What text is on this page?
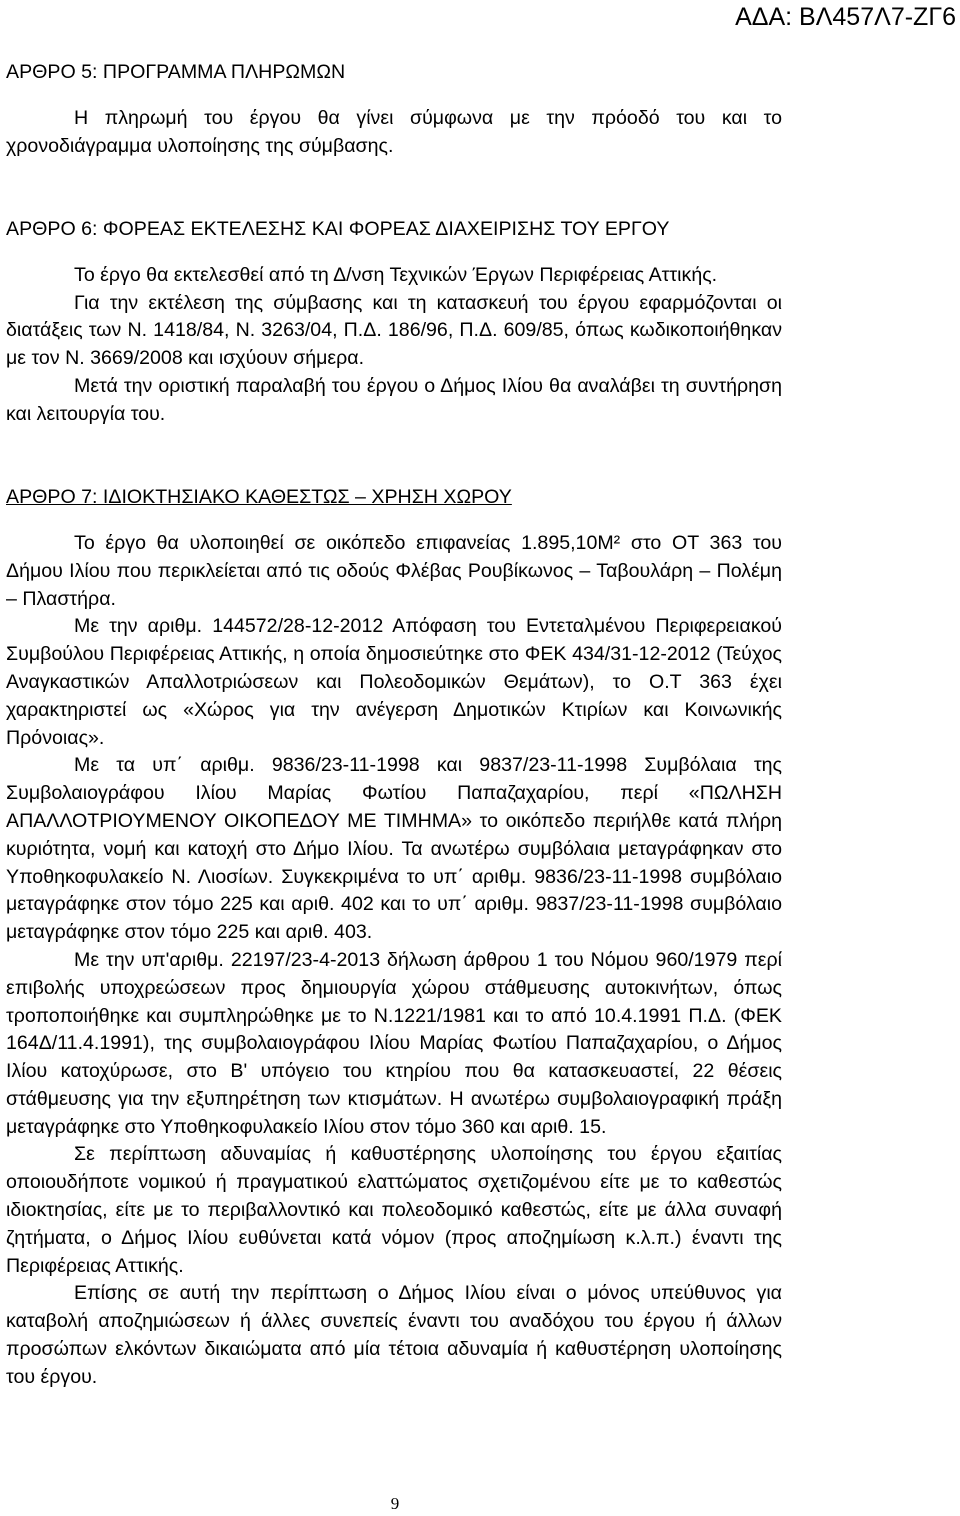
ΑΔΑ: ΒΛ457Λ7-ΖΓ6

ΑΡΘΡΟ 5: ΠΡΟΓΡΑΜΜΑ ΠΛΗΡΩΜΩΝ

Η πληρωμή του έργου θα γίνει σύμφωνα με την πρόοδό του και το χρονοδιάγραμμα υλοποίησης της σύμβασης.

ΑΡΘΡΟ 6: ΦΟΡΕΑΣ ΕΚΤΕΛΕΣΗΣ ΚΑΙ ΦΟΡΕΑΣ ΔΙΑΧΕΙΡΙΣΗΣ ΤΟΥ ΕΡΓΟΥ

Το έργο θα εκτελεσθεί από τη Δ/νση Τεχνικών Έργων Περιφέρειας Αττικής.

Για την εκτέλεση της σύμβασης και τη κατασκευή του έργου εφαρμόζονται οι διατάξεις των Ν. 1418/84, Ν. 3263/04, Π.Δ. 186/96, Π.Δ. 609/85, όπως κωδικοποιήθηκαν με τον Ν. 3669/2008 και ισχύουν σήμερα.

Μετά την οριστική παραλαβή του έργου ο Δήμος Ιλίου θα αναλάβει τη συντήρηση και λειτουργία του.

ΑΡΘΡΟ 7: ΙΔΙΟΚΤΗΣΙΑΚΟ ΚΑΘΕΣΤΩΣ – ΧΡΗΣΗ ΧΩΡΟΥ

Το έργο θα υλοποιηθεί σε οικόπεδο επιφανείας 1.895,10Μ² στο ΟΤ 363 του Δήμου Ιλίου που περικλείεται από τις οδούς Φλέβας Ρουβίκωνος – Ταβουλάρη – Πολέμη – Πλαστήρα.

Με την αριθμ. 144572/28-12-2012 Απόφαση του Εντεταλμένου Περιφερειακού Συμβούλου Περιφέρειας Αττικής, η οποία δημοσιεύτηκε στο ΦΕΚ 434/31-12-2012 (Τεύχος Αναγκαστικών Απαλλοτριώσεων και Πολεοδομικών Θεμάτων), το Ο.Τ 363 έχει χαρακτηριστεί ως «Χώρος για την ανέγερση Δημοτικών Κτιρίων και Κοινωνικής Πρόνοιας».

Με τα υπ΄ αριθμ. 9836/23-11-1998 και 9837/23-11-1998 Συμβόλαια της Συμβολαιογράφου Ιλίου Μαρίας Φωτίου Παπαζαχαρίου, περί «ΠΩΛΗΣΗ ΑΠΑΛΛΟΤΡΙΟΥΜΕΝΟΥ ΟΙΚΟΠΕΔΟΥ ΜΕ ΤΙΜΗΜΑ» το οικόπεδο περιήλθε κατά πλήρη κυριότητα, νομή και κατοχή στο Δήμο Ιλίου. Τα ανωτέρω συμβόλαια μεταγράφηκαν στο Υποθηκοφυλακείο Ν. Λιοσίων. Συγκεκριμένα το υπ΄ αριθμ. 9836/23-11-1998 συμβόλαιο μεταγράφηκε στον τόμο 225 και αριθ. 402 και το υπ΄ αριθμ. 9837/23-11-1998 συμβόλαιο μεταγράφηκε στον τόμο 225 και αριθ. 403.

Με την υπ'αριθμ. 22197/23-4-2013 δήλωση άρθρου 1 του Νόμου 960/1979 περί επιβολής υποχρεώσεων προς δημιουργία χώρου στάθμευσης αυτοκινήτων, όπως τροποποιήθηκε και συμπληρώθηκε με το Ν.1221/1981 και το από 10.4.1991 Π.Δ. (ΦΕΚ 164Δ/11.4.1991), της συμβολαιογράφου Ιλίου Μαρίας Φωτίου Παπαζαχαρίου, ο Δήμος Ιλίου κατοχύρωσε, στο Β' υπόγειο του κτηρίου που θα κατασκευαστεί, 22 θέσεις στάθμευσης για την εξυπηρέτηση των κτισμάτων. Η ανωτέρω συμβολαιογραφική πράξη μεταγράφηκε στο Υποθηκοφυλακείο Ιλίου στον τόμο 360 και αριθ. 15.

Σε περίπτωση αδυναμίας ή καθυστέρησης υλοποίησης του έργου εξαιτίας οποιουδήποτε νομικού ή πραγματικού ελαττώματος σχετιζομένου είτε με το καθεστώς ιδιοκτησίας, είτε με το περιβαλλοντικό και πολεοδομικό καθεστώς, είτε με άλλα συναφή ζητήματα, ο Δήμος Ιλίου ευθύνεται κατά νόμον (προς αποζημίωση κ.λ.π.) έναντι της Περιφέρειας Αττικής.

Επίσης σε αυτή την περίπτωση ο Δήμος Ιλίου είναι ο μόνος υπεύθυνος για καταβολή αποζημιώσεων ή άλλες συνεπείς έναντι του αναδόχου του έργου ή άλλων προσώπων ελκόντων δικαιώματα από μία τέτοια αδυναμία ή καθυστέρηση υλοποίησης του έργου.

9
